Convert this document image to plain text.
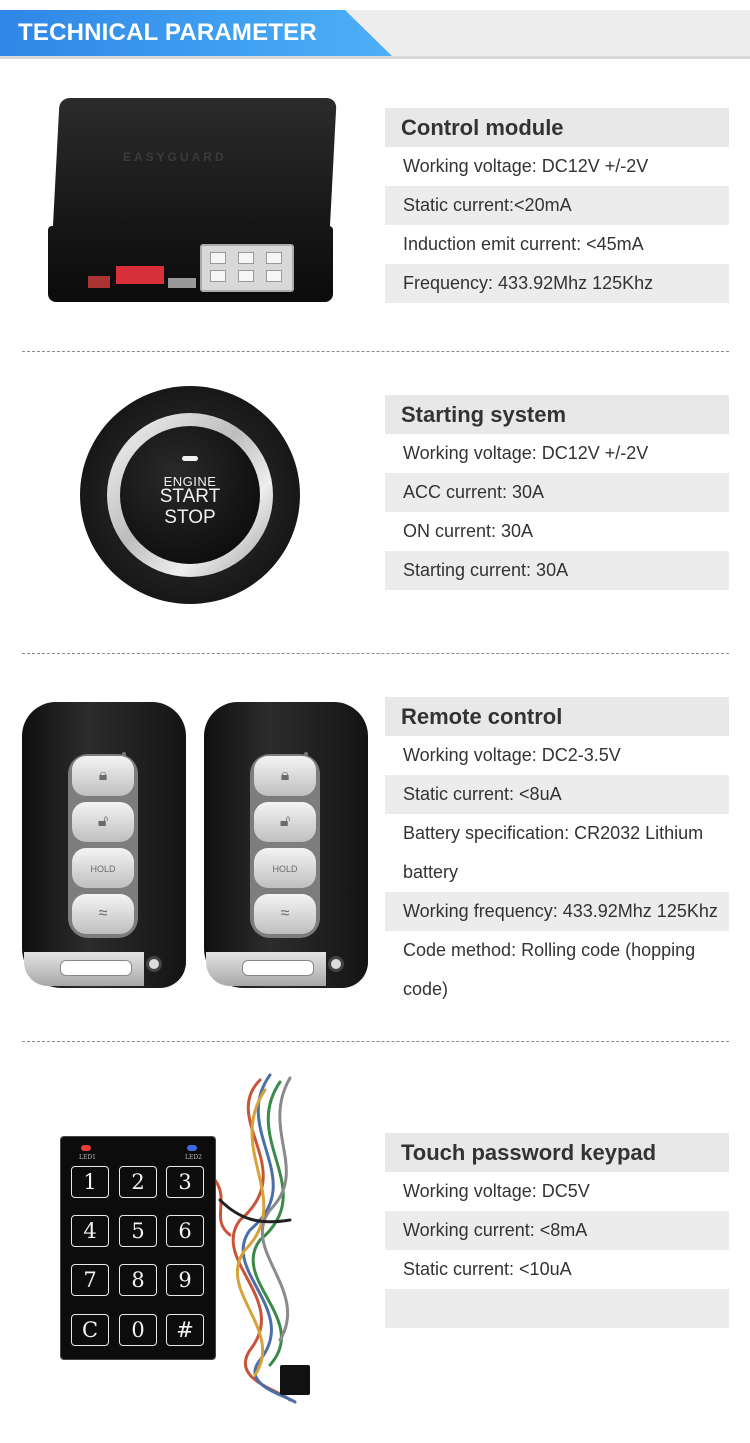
TECHNICAL PARAMETER
EASYGUARD
Control module
Working voltage: DC12V +/-2V
Static current:<20mA
Induction emit current: <45mA
Frequency: 433.92Mhz 125Khz
ENGINE
START
STOP
Starting system
Working voltage: DC12V +/-2V
ACC current: 30A
ON current: 30A
Starting current: 30A
🔒︎
🔓︎
HOLD
≈
🔒︎
🔓︎
HOLD
≈
Remote control
Working voltage: DC2-3.5V
Static current: <8uA
Battery specification: CR2032 Lithium battery
Working frequency: 433.92Mhz 125Khz
Code method: Rolling code (hopping code)
LED1	LED2
1	2	3
4	5	6
7	8	9
C	0	#
Touch password keypad
Working voltage: DC5V
Working current: <8mA
Static current: <10uA
